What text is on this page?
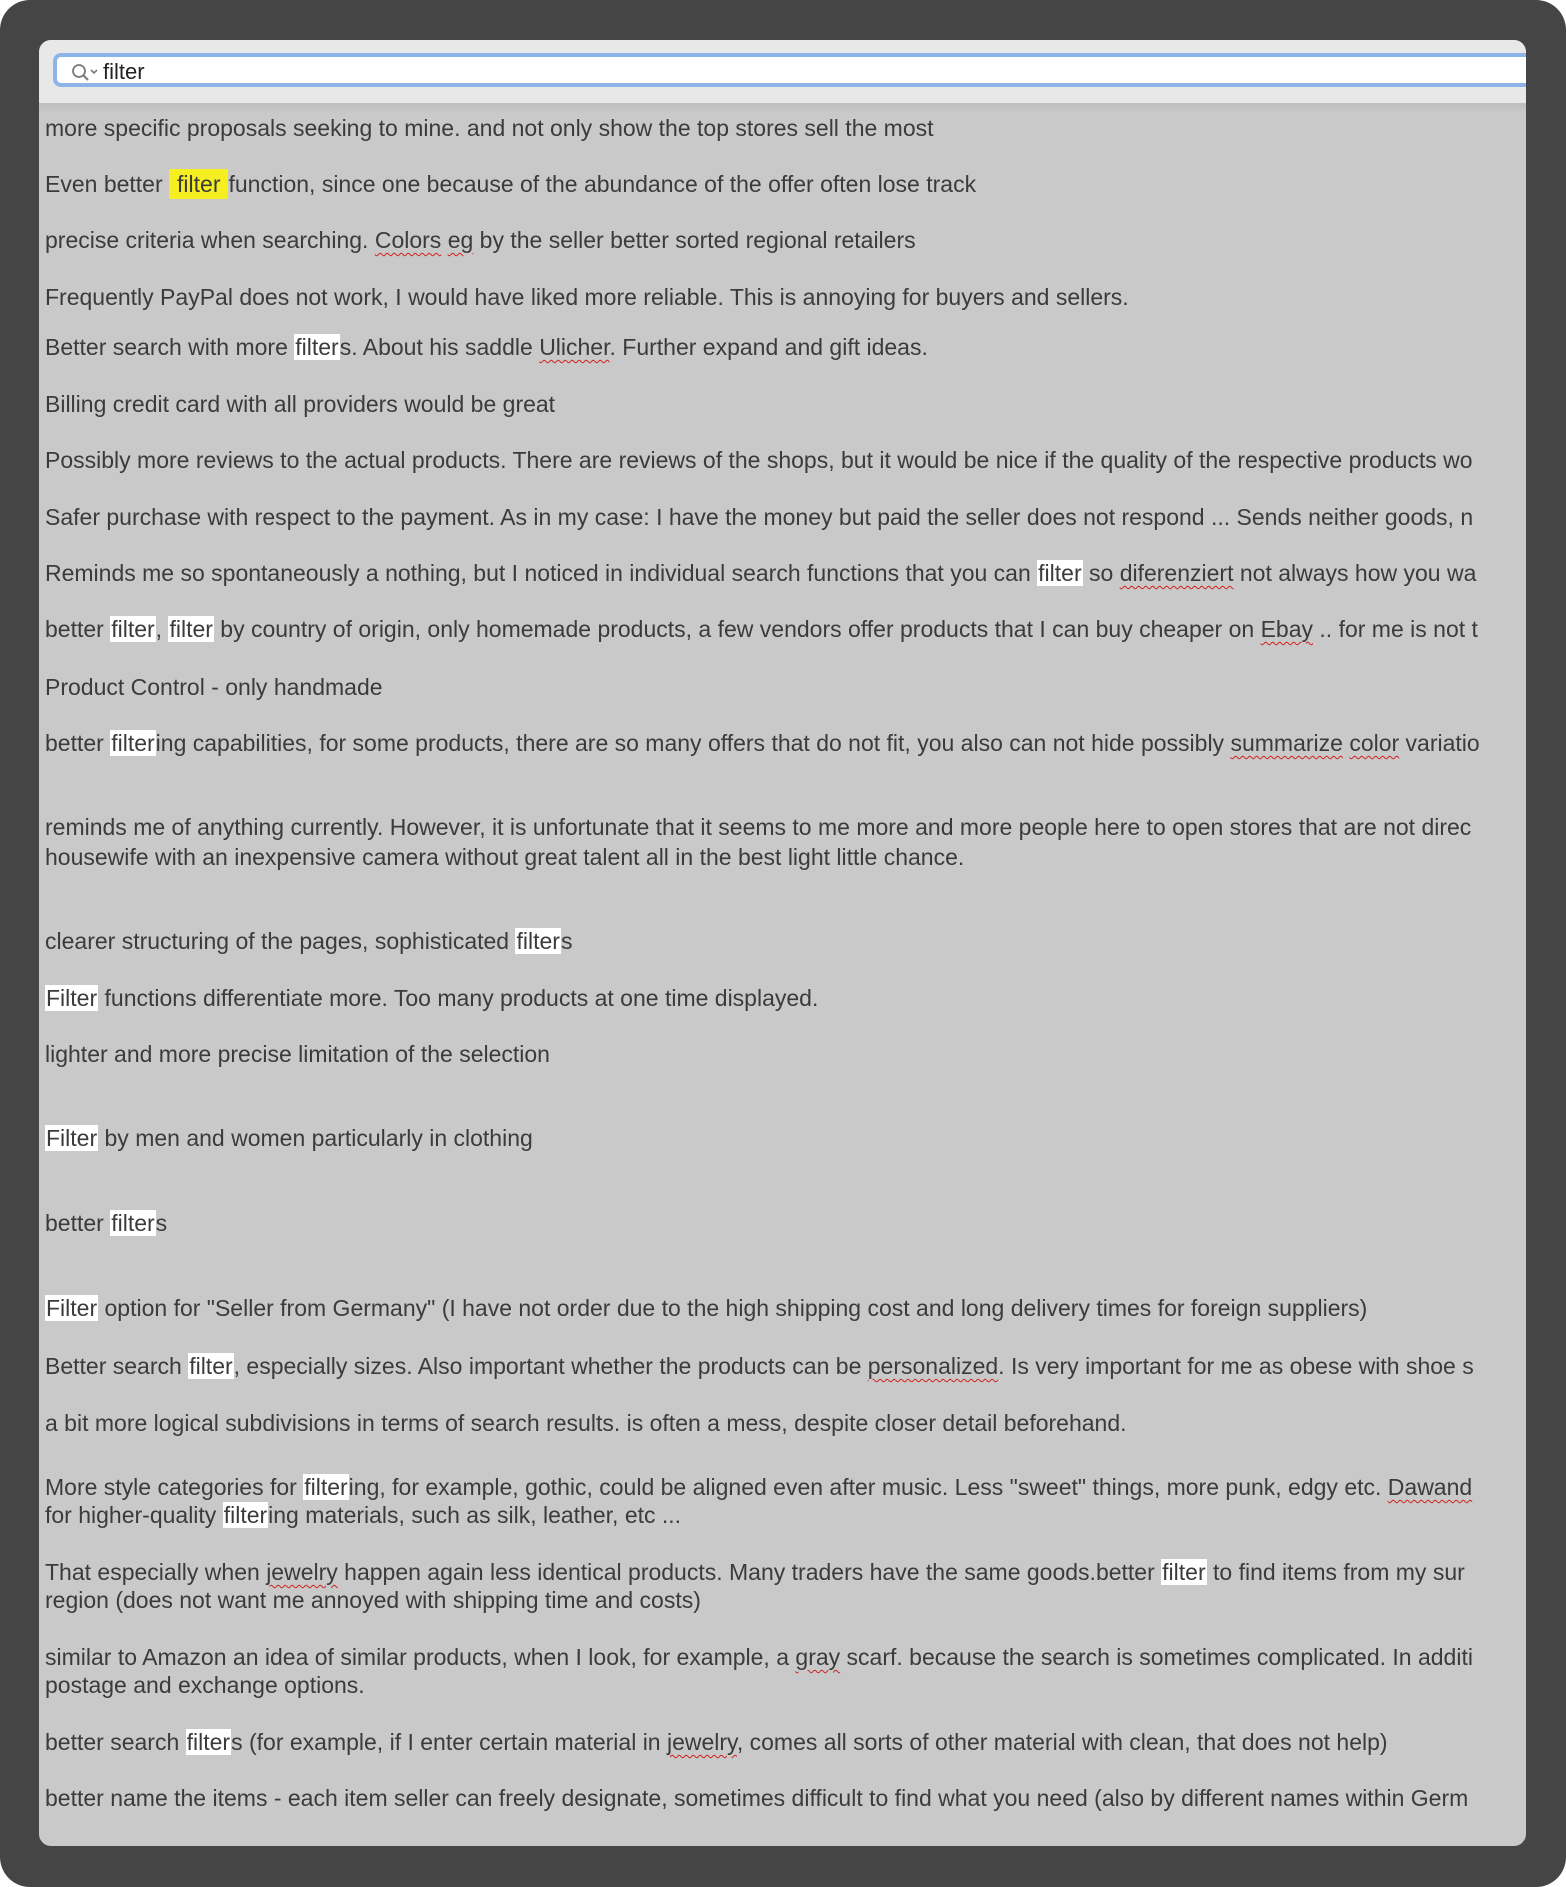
filter
more specific proposals seeking to mine. and not only show the top stores sell the most
Even better filter function, since one because of the abundance of the offer often lose track
precise criteria when searching. Colors eg by the seller better sorted regional retailers
Frequently PayPal does not work, I would have liked more reliable. This is annoying for buyers and sellers.
Better search with more filters. About his saddle Ulicher. Further expand and gift ideas.
Billing credit card with all providers would be great
Possibly more reviews to the actual products. There are reviews of the shops, but it would be nice if the quality of the respective products wo
Safer purchase with respect to the payment. As in my case: I have the money but paid the seller does not respond ... Sends neither goods, n
Reminds me so spontaneously a nothing, but I noticed in individual search functions that you can filter so diferenziert not always how you wa
better filter, filter by country of origin, only homemade products, a few vendors offer products that I can buy cheaper on Ebay .. for me is not t
Product Control - only handmade
better filtering capabilities, for some products, there are so many offers that do not fit, you also can not hide possibly summarize color variatio
reminds me of anything currently. However, it is unfortunate that it seems to me more and more people here to open stores that are not direc
housewife with an inexpensive camera without great talent all in the best light little chance.
clearer structuring of the pages, sophisticated filters
Filter functions differentiate more. Too many products at one time displayed.
lighter and more precise limitation of the selection
Filter by men and women particularly in clothing
better filters
Filter option for "Seller from Germany" (I have not order due to the high shipping cost and long delivery times for foreign suppliers)
Better search filter, especially sizes. Also important whether the products can be personalized. Is very important for me as obese with shoe s
a bit more logical subdivisions in terms of search results. is often a mess, despite closer detail beforehand.
More style categories for filtering, for example, gothic, could be aligned even after music. Less "sweet" things, more punk, edgy etc. Dawand
for higher-quality filtering materials, such as silk, leather, etc ...
That especially when jewelry happen again less identical products. Many traders have the same goods.better filter to find items from my sur
region (does not want me annoyed with shipping time and costs)
similar to Amazon an idea of similar products, when I look, for example, a gray scarf. because the search is sometimes complicated. In additi
postage and exchange options.
better search filters (for example, if I enter certain material in jewelry, comes all sorts of other material with clean, that does not help)
better name the items - each item seller can freely designate, sometimes difficult to find what you need (also by different names within Germ
